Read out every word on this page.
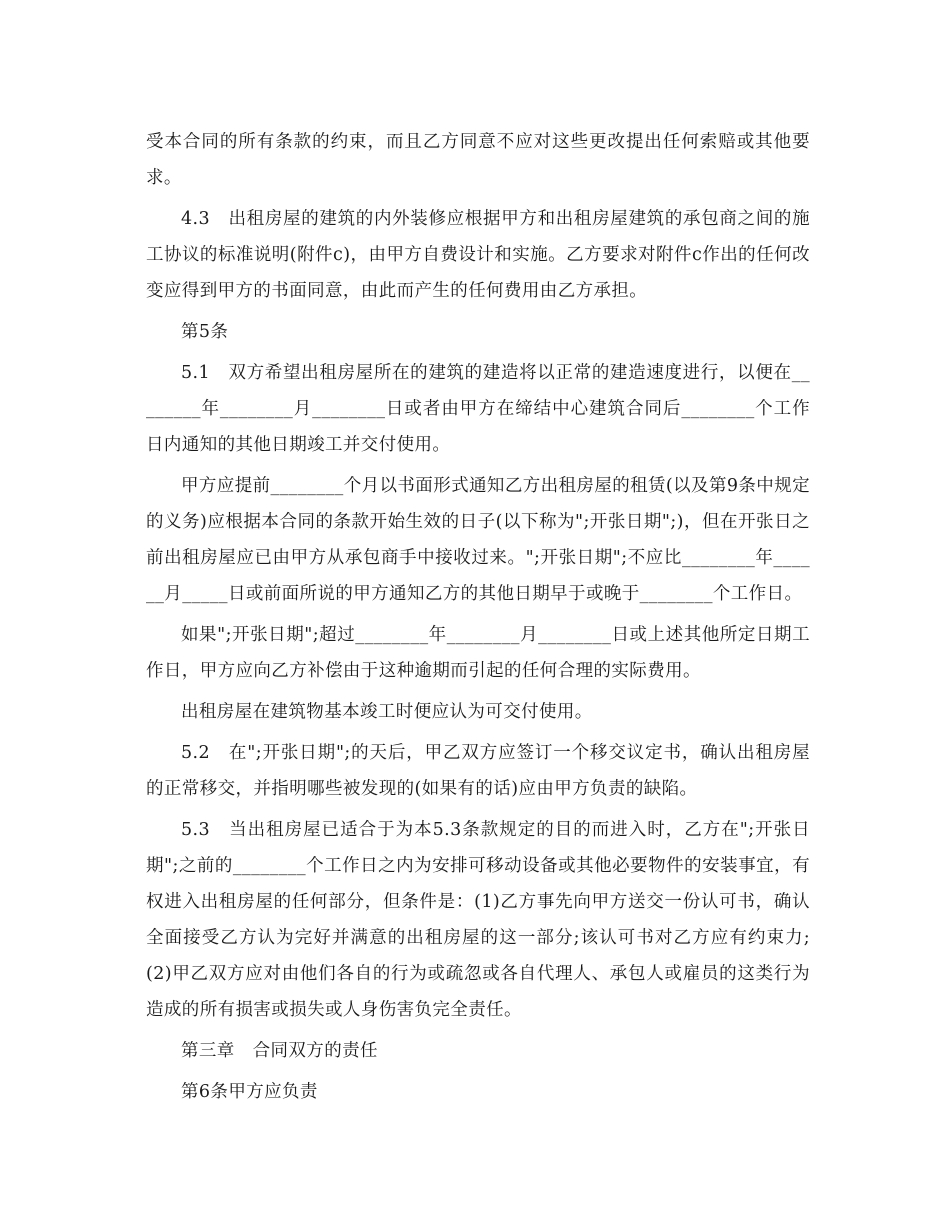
受本合同的所有条款的约束，而且乙方同意不应对这些更改提出任何索赔或其他要求。

4.3　出租房屋的建筑的内外装修应根据甲方和出租房屋建筑的承包商之间的施工协议的标准说明(附件c)，由甲方自费设计和实施。乙方要求对附件c作出的任何改变应得到甲方的书面同意，由此而产生的任何费用由乙方承担。

第5条

5.1　双方希望出租房屋所在的建筑的建造将以正常的建造速度进行，以便在________年________月________日或者由甲方在缔结中心建筑合同后________个工作日内通知的其他日期竣工并交付使用。

甲方应提前________个月以书面形式通知乙方出租房屋的租赁(以及第9条中规定的义务)应根据本合同的条款开始生效的日子(以下称为";开张日期";)，但在开张日之前出租房屋应已由甲方从承包商手中接收过来。";开张日期";不应比________年______月_____日或前面所说的甲方通知乙方的其他日期早于或晚于________个工作日。

如果";开张日期";超过________年________月________日或上述其他所定日期工作日，甲方应向乙方补偿由于这种逾期而引起的任何合理的实际费用。

出租房屋在建筑物基本竣工时便应认为可交付使用。

5.2　在";开张日期";的天后，甲乙双方应签订一个移交议定书，确认出租房屋的正常移交，并指明哪些被发现的(如果有的话)应由甲方负责的缺陷。

5.3　当出租房屋已适合于为本5.3条款规定的目的而进入时，乙方在";开张日期";之前的________个工作日之内为安排可移动设备或其他必要物件的安装事宜，有权进入出租房屋的任何部分，但条件是：(1)乙方事先向甲方送交一份认可书，确认全面接受乙方认为完好并满意的出租房屋的这一部分;该认可书对乙方应有约束力;(2)甲乙双方应对由他们各自的行为或疏忽或各自代理人、承包人或雇员的这类行为造成的所有损害或损失或人身伤害负完全责任。

第三章　合同双方的责任

第6条甲方应负责
